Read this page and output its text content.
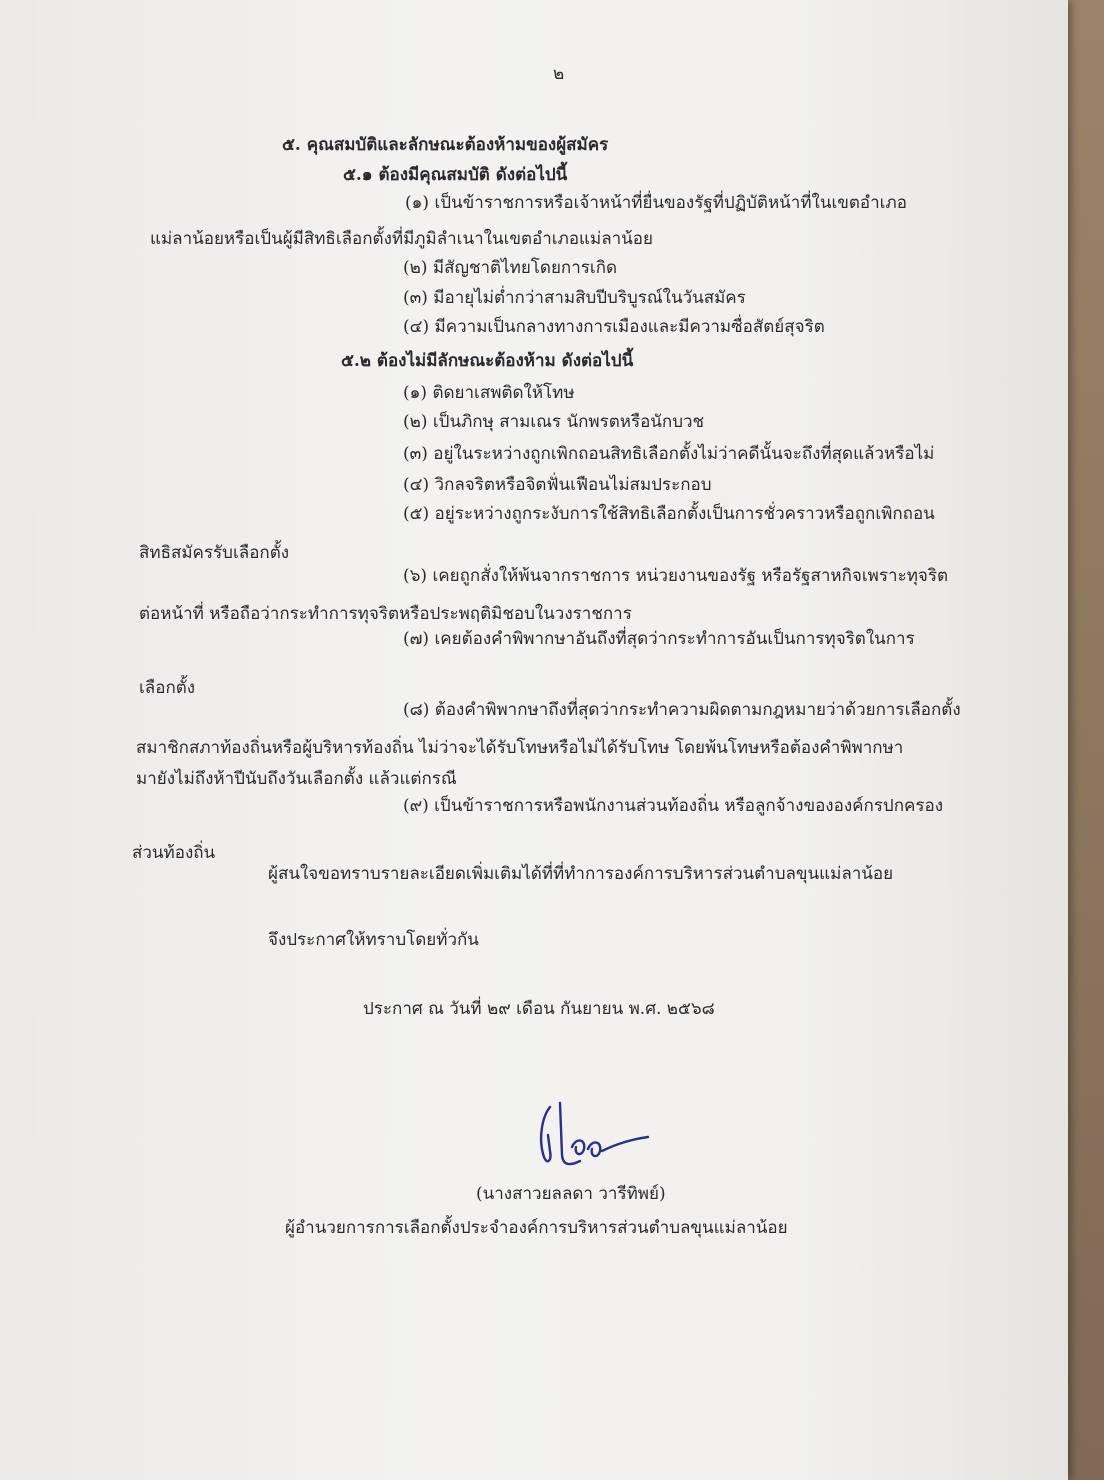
๒
๕. คุณสมบัติและลักษณะต้องห้ามของผู้สมัคร
๕.๑ ต้องมีคุณสมบัติ ดังต่อไปนี้
(๑) เป็นข้าราชการหรือเจ้าหน้าที่ยื่นของรัฐที่ปฏิบัติหน้าที่ในเขตอำเภอ
แม่ลาน้อยหรือเป็นผู้มีสิทธิเลือกตั้งที่มีภูมิลำเนาในเขตอำเภอแม่ลาน้อย
(๒) มีสัญชาติไทยโดยการเกิด
(๓) มีอายุไม่ต่ำกว่าสามสิบปีบริบูรณ์ในวันสมัคร
(๔) มีความเป็นกลางทางการเมืองและมีความซื่อสัตย์สุจริต
๕.๒ ต้องไม่มีลักษณะต้องห้าม ดังต่อไปนี้
(๑) ติดยาเสพติดให้โทษ
(๒) เป็นภิกษุ สามเณร นักพรตหรือนักบวช
(๓) อยู่ในระหว่างถูกเพิกถอนสิทธิเลือกตั้งไม่ว่าคดีนั้นจะถึงที่สุดแล้วหรือไม่
(๔) วิกลจริตหรือจิตฟั่นเฟือนไม่สมประกอบ
(๕) อยู่ระหว่างถูกระงับการใช้สิทธิเลือกตั้งเป็นการชั่วคราวหรือถูกเพิกถอน
สิทธิสมัครรับเลือกตั้ง
(๖) เคยถูกสั่งให้พ้นจากราชการ หน่วยงานของรัฐ หรือรัฐสาหกิจเพราะทุจริต
ต่อหน้าที่ หรือถือว่ากระทำการทุจริตหรือประพฤติมิชอบในวงราชการ
(๗) เคยต้องคำพิพากษาอันถึงที่สุดว่ากระทำการอันเป็นการทุจริตในการ
เลือกตั้ง
(๘) ต้องคำพิพากษาถึงที่สุดว่ากระทำความผิดตามกฎหมายว่าด้วยการเลือกตั้ง
สมาชิกสภาท้องถิ่นหรือผู้บริหารท้องถิ่น ไม่ว่าจะได้รับโทษหรือไม่ได้รับโทษ โดยพ้นโทษหรือต้องคำพิพากษา
มายังไม่ถึงห้าปีนับถึงวันเลือกตั้ง แล้วแต่กรณี
(๙) เป็นข้าราชการหรือพนักงานส่วนท้องถิ่น หรือลูกจ้างขององค์กรปกครอง
ส่วนท้องถิ่น
ผู้สนใจขอทราบรายละเอียดเพิ่มเติมได้ที่ที่ทำการองค์การบริหารส่วนตำบลขุนแม่ลาน้อย
จึงประกาศให้ทราบโดยทั่วกัน
ประกาศ ณ วันที่ ๒๙ เดือน กันยายน พ.ศ. ๒๕๖๘
(นางสาวยลลดา วารีทิพย์)
ผู้อำนวยการการเลือกตั้งประจำองค์การบริหารส่วนตำบลขุนแม่ลาน้อย
